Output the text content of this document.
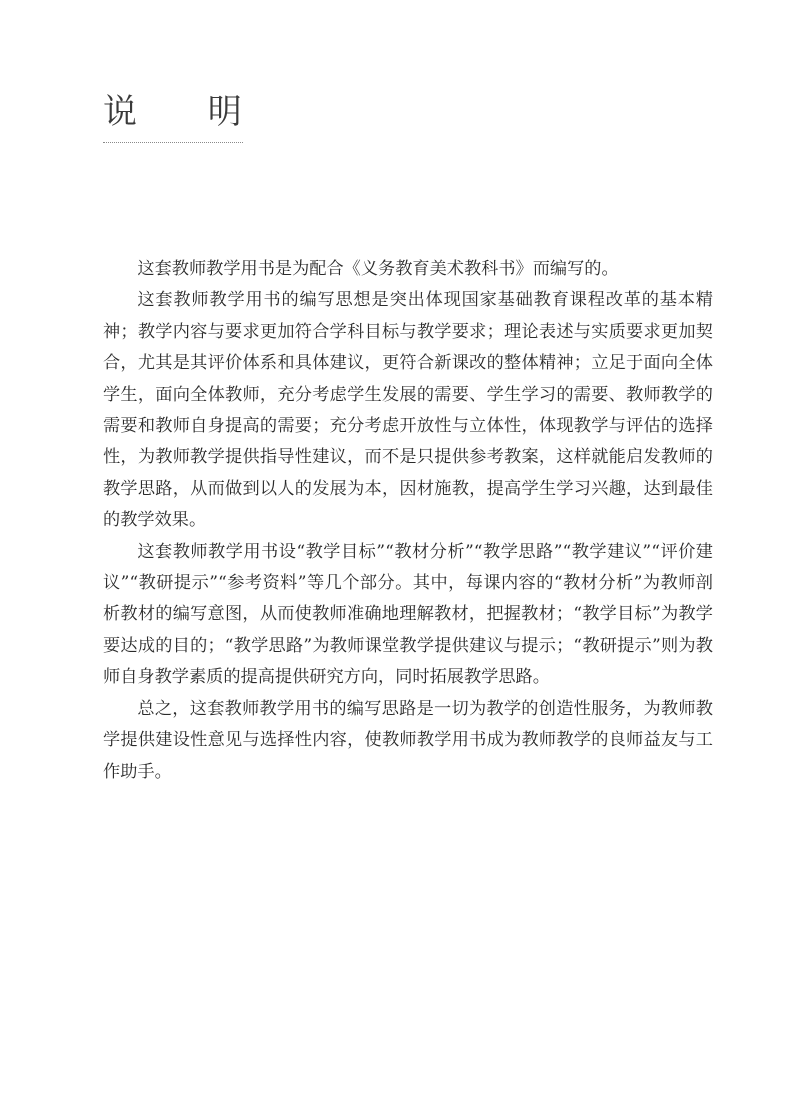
说 明

这套教师教学用书是为配合《义务教育美术教科书》而编写的。

这套教师教学用书的编写思想是突出体现国家基础教育课程改革的基本精神；教学内容与要求更加符合学科目标与教学要求；理论表述与实质要求更加契合，尤其是其评价体系和具体建议，更符合新课改的整体精神；立足于面向全体学生，面向全体教师，充分考虑学生发展的需要、学生学习的需要、教师教学的需要和教师自身提高的需要；充分考虑开放性与立体性，体现教学与评估的选择性，为教师教学提供指导性建议，而不是只提供参考教案，这样就能启发教师的教学思路，从而做到以人的发展为本，因材施教，提高学生学习兴趣，达到最佳的教学效果。

这套教师教学用书设“教学目标”“教材分析”“教学思路”“教学建议”“评价建议”“教研提示”“参考资料”等几个部分。其中，每课内容的“教材分析”为教师剖析教材的编写意图，从而使教师准确地理解教材，把握教材；“教学目标”为教学要达成的目的；“教学思路”为教师课堂教学提供建议与提示；“教研提示”则为教师自身教学素质的提高提供研究方向，同时拓展教学思路。

总之，这套教师教学用书的编写思路是一切为教学的创造性服务，为教师教学提供建设性意见与选择性内容，使教师教学用书成为教师教学的良师益友与工作助手。
